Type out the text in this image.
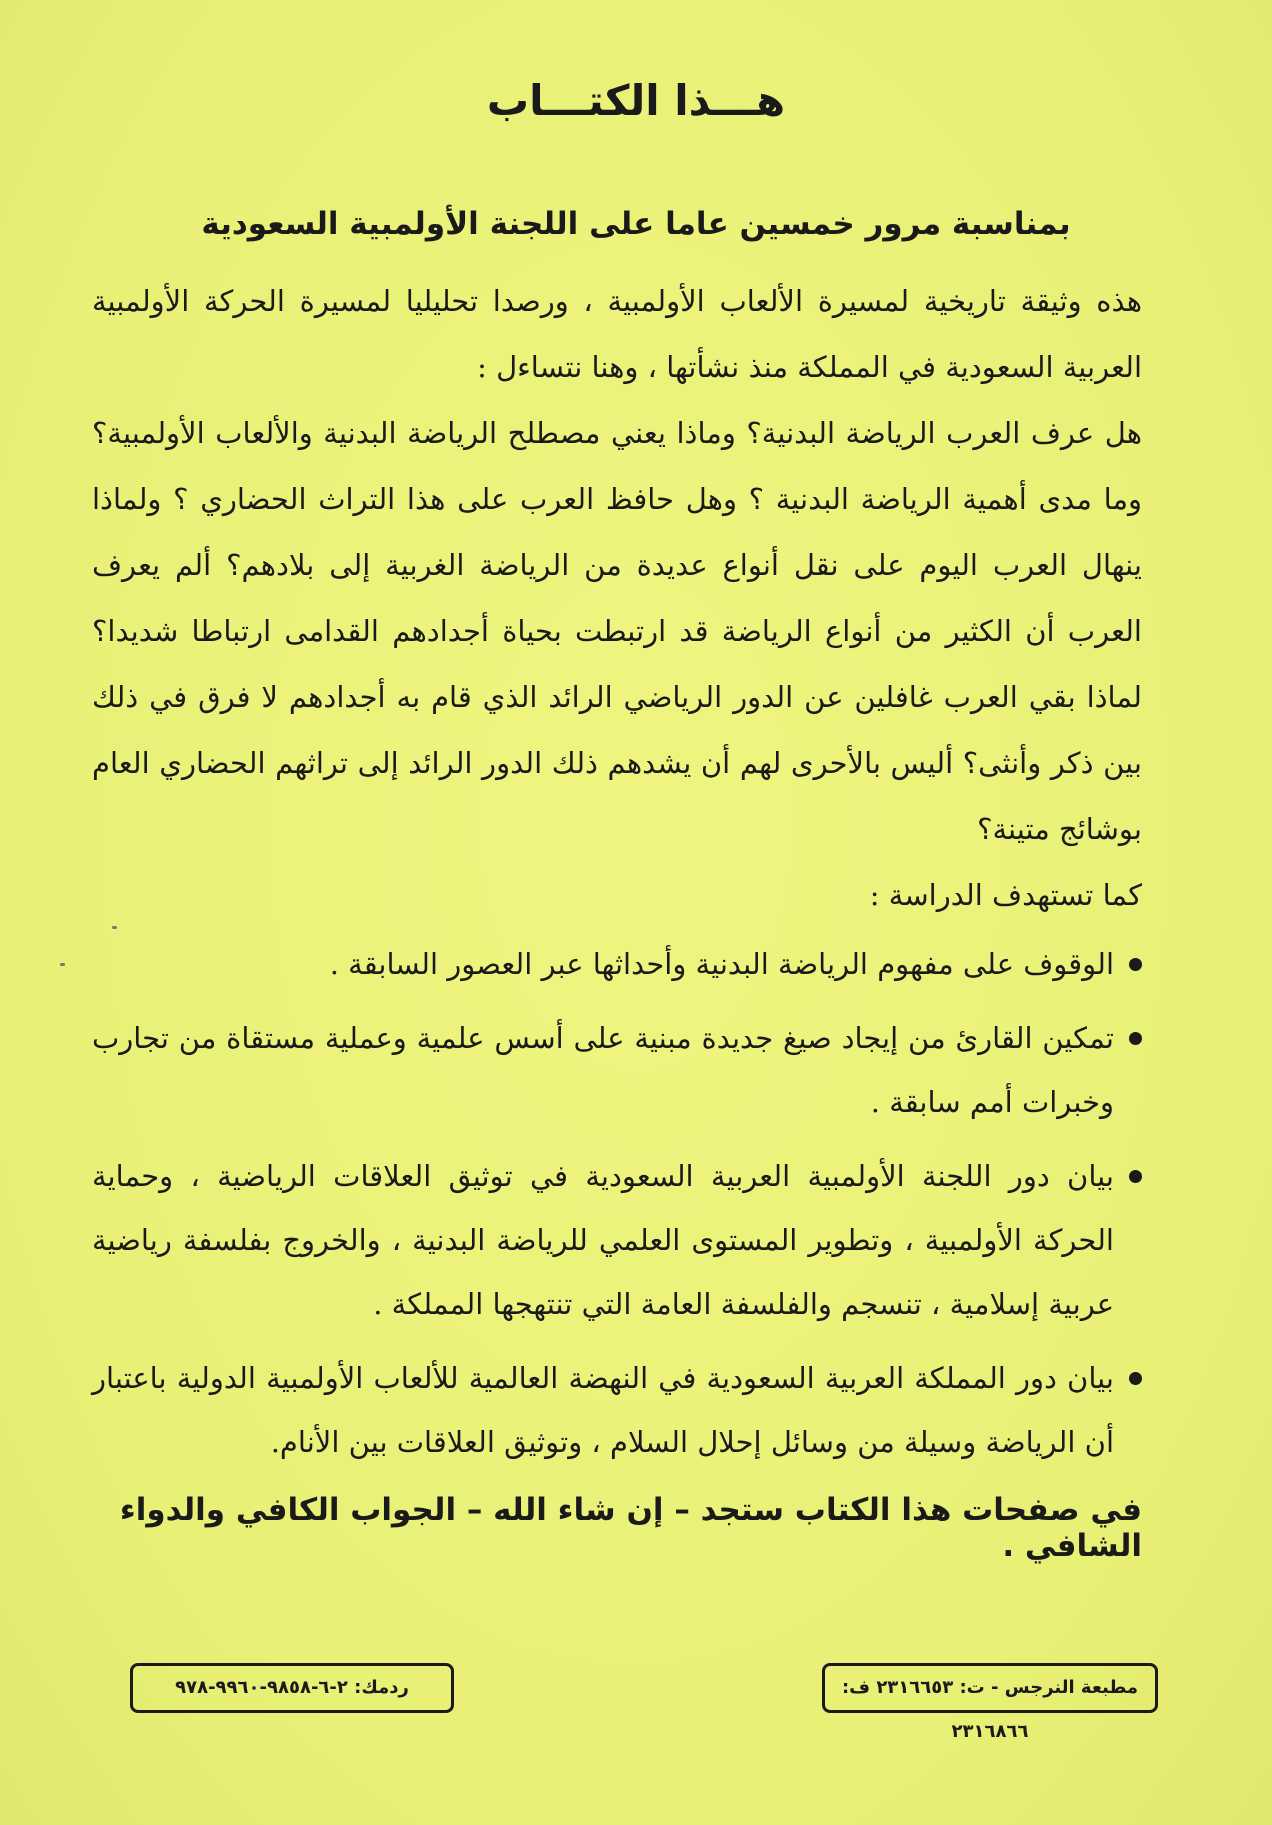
هـــذا الكتـــاب
بمناسبة مرور خمسين عاما على اللجنة الأولمبية السعودية

هذه وثيقة تاريخية لمسيرة الألعاب الأولمبية ، ورصدا تحليليا لمسيرة الحركة الأولمبية العربية السعودية في المملكة منذ نشأتها ، وهنا نتساءل :

هل عرف العرب الرياضة البدنية؟ وماذا يعني مصطلح الرياضة البدنية والألعاب الأولمبية؟ وما مدى أهمية الرياضة البدنية ؟ وهل حافظ العرب على هذا التراث الحضاري ؟ ولماذا ينهال العرب اليوم على نقل أنواع عديدة من الرياضة الغربية إلى بلادهم؟ ألم يعرف العرب أن الكثير من أنواع الرياضة قد ارتبطت بحياة أجدادهم القدامى ارتباطا شديدا؟ لماذا بقي العرب غافلين عن الدور الرياضي الرائد الذي قام به أجدادهم لا فرق في ذلك بين ذكر وأنثى؟ أليس بالأحرى لهم أن يشدهم ذلك الدور الرائد إلى تراثهم الحضاري العام بوشائج متينة؟

كما تستهدف الدراسة :

الوقوف على مفهوم الرياضة البدنية وأحداثها عبر العصور السابقة .
تمكين القارئ من إيجاد صيغ جديدة مبنية على أسس علمية وعملية مستقاة من تجارب وخبرات أمم سابقة .
بيان دور اللجنة الأولمبية العربية السعودية في توثيق العلاقات الرياضية ، وحماية الحركة الأولمبية ، وتطوير المستوى العلمي للرياضة البدنية ، والخروج بفلسفة رياضية عربية إسلامية ، تنسجم والفلسفة العامة التي تنتهجها المملكة .
بيان دور المملكة العربية السعودية في النهضة العالمية للألعاب الأولمبية الدولية باعتبار أن الرياضة وسيلة من وسائل إحلال السلام ، وتوثيق العلاقات بين الأنام.
في صفحات هذا الكتاب ستجد – إن شاء الله – الجواب الكافي والدواء الشافي .
ردمك: ٢-٦-٩٨٥٨-٩٩٦٠-٩٧٨	مطبعة النرجس - ت: ٢٣١٦٦٥٣ ف: ٢٣١٦٨٦٦
